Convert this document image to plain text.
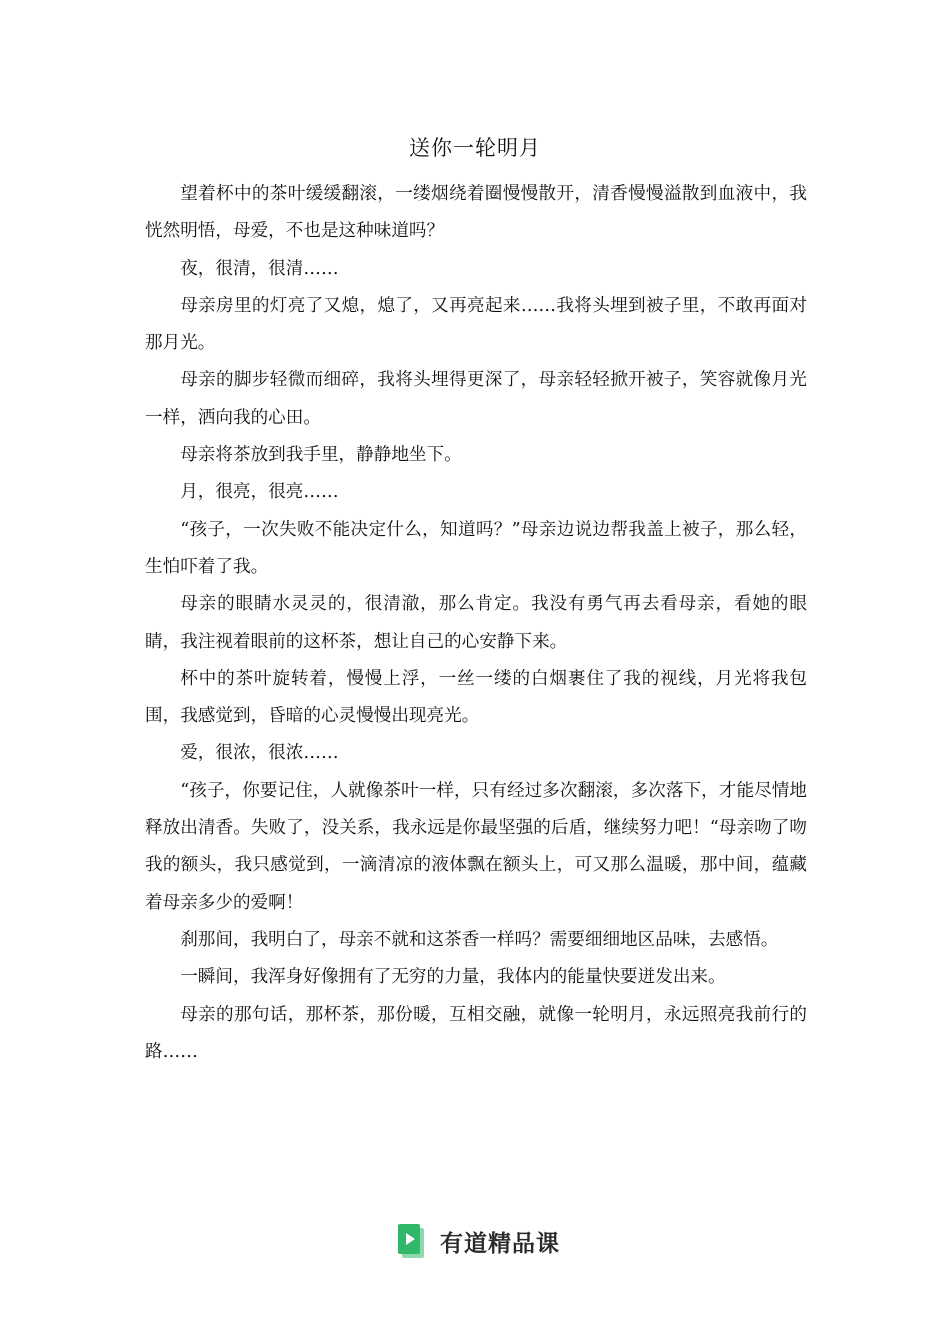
送你一轮明月

望着杯中的茶叶缓缓翻滚，一缕烟绕着圈慢慢散开，清香慢慢溢散到血液中，我恍然明悟，母爱，不也是这种味道吗？

夜，很清，很清……

母亲房里的灯亮了又熄，熄了，又再亮起来……我将头埋到被子里，不敢再面对那月光。

母亲的脚步轻微而细碎，我将头埋得更深了，母亲轻轻掀开被子，笑容就像月光一样，洒向我的心田。

母亲将茶放到我手里，静静地坐下。

月，很亮，很亮……

“孩子，一次失败不能决定什么，知道吗？”母亲边说边帮我盖上被子，那么轻，生怕吓着了我。

母亲的眼睛水灵灵的，很清澈，那么肯定。我没有勇气再去看母亲，看她的眼睛，我注视着眼前的这杯茶，想让自己的心安静下来。

杯中的茶叶旋转着，慢慢上浮，一丝一缕的白烟裹住了我的视线，月光将我包围，我感觉到，昏暗的心灵慢慢出现亮光。

爱，很浓，很浓……

“孩子，你要记住，人就像茶叶一样，只有经过多次翻滚，多次落下，才能尽情地释放出清香。失败了，没关系，我永远是你最坚强的后盾，继续努力吧！“母亲吻了吻我的额头，我只感觉到，一滴清凉的液体飘在额头上，可又那么温暖，那中间，蕴藏着母亲多少的爱啊！

刹那间，我明白了，母亲不就和这茶香一样吗？需要细细地区品味，去感悟。

一瞬间，我浑身好像拥有了无穷的力量，我体内的能量快要迸发出来。

母亲的那句话，那杯茶，那份暖，互相交融，就像一轮明月，永远照亮我前行的路……

有道精品课
